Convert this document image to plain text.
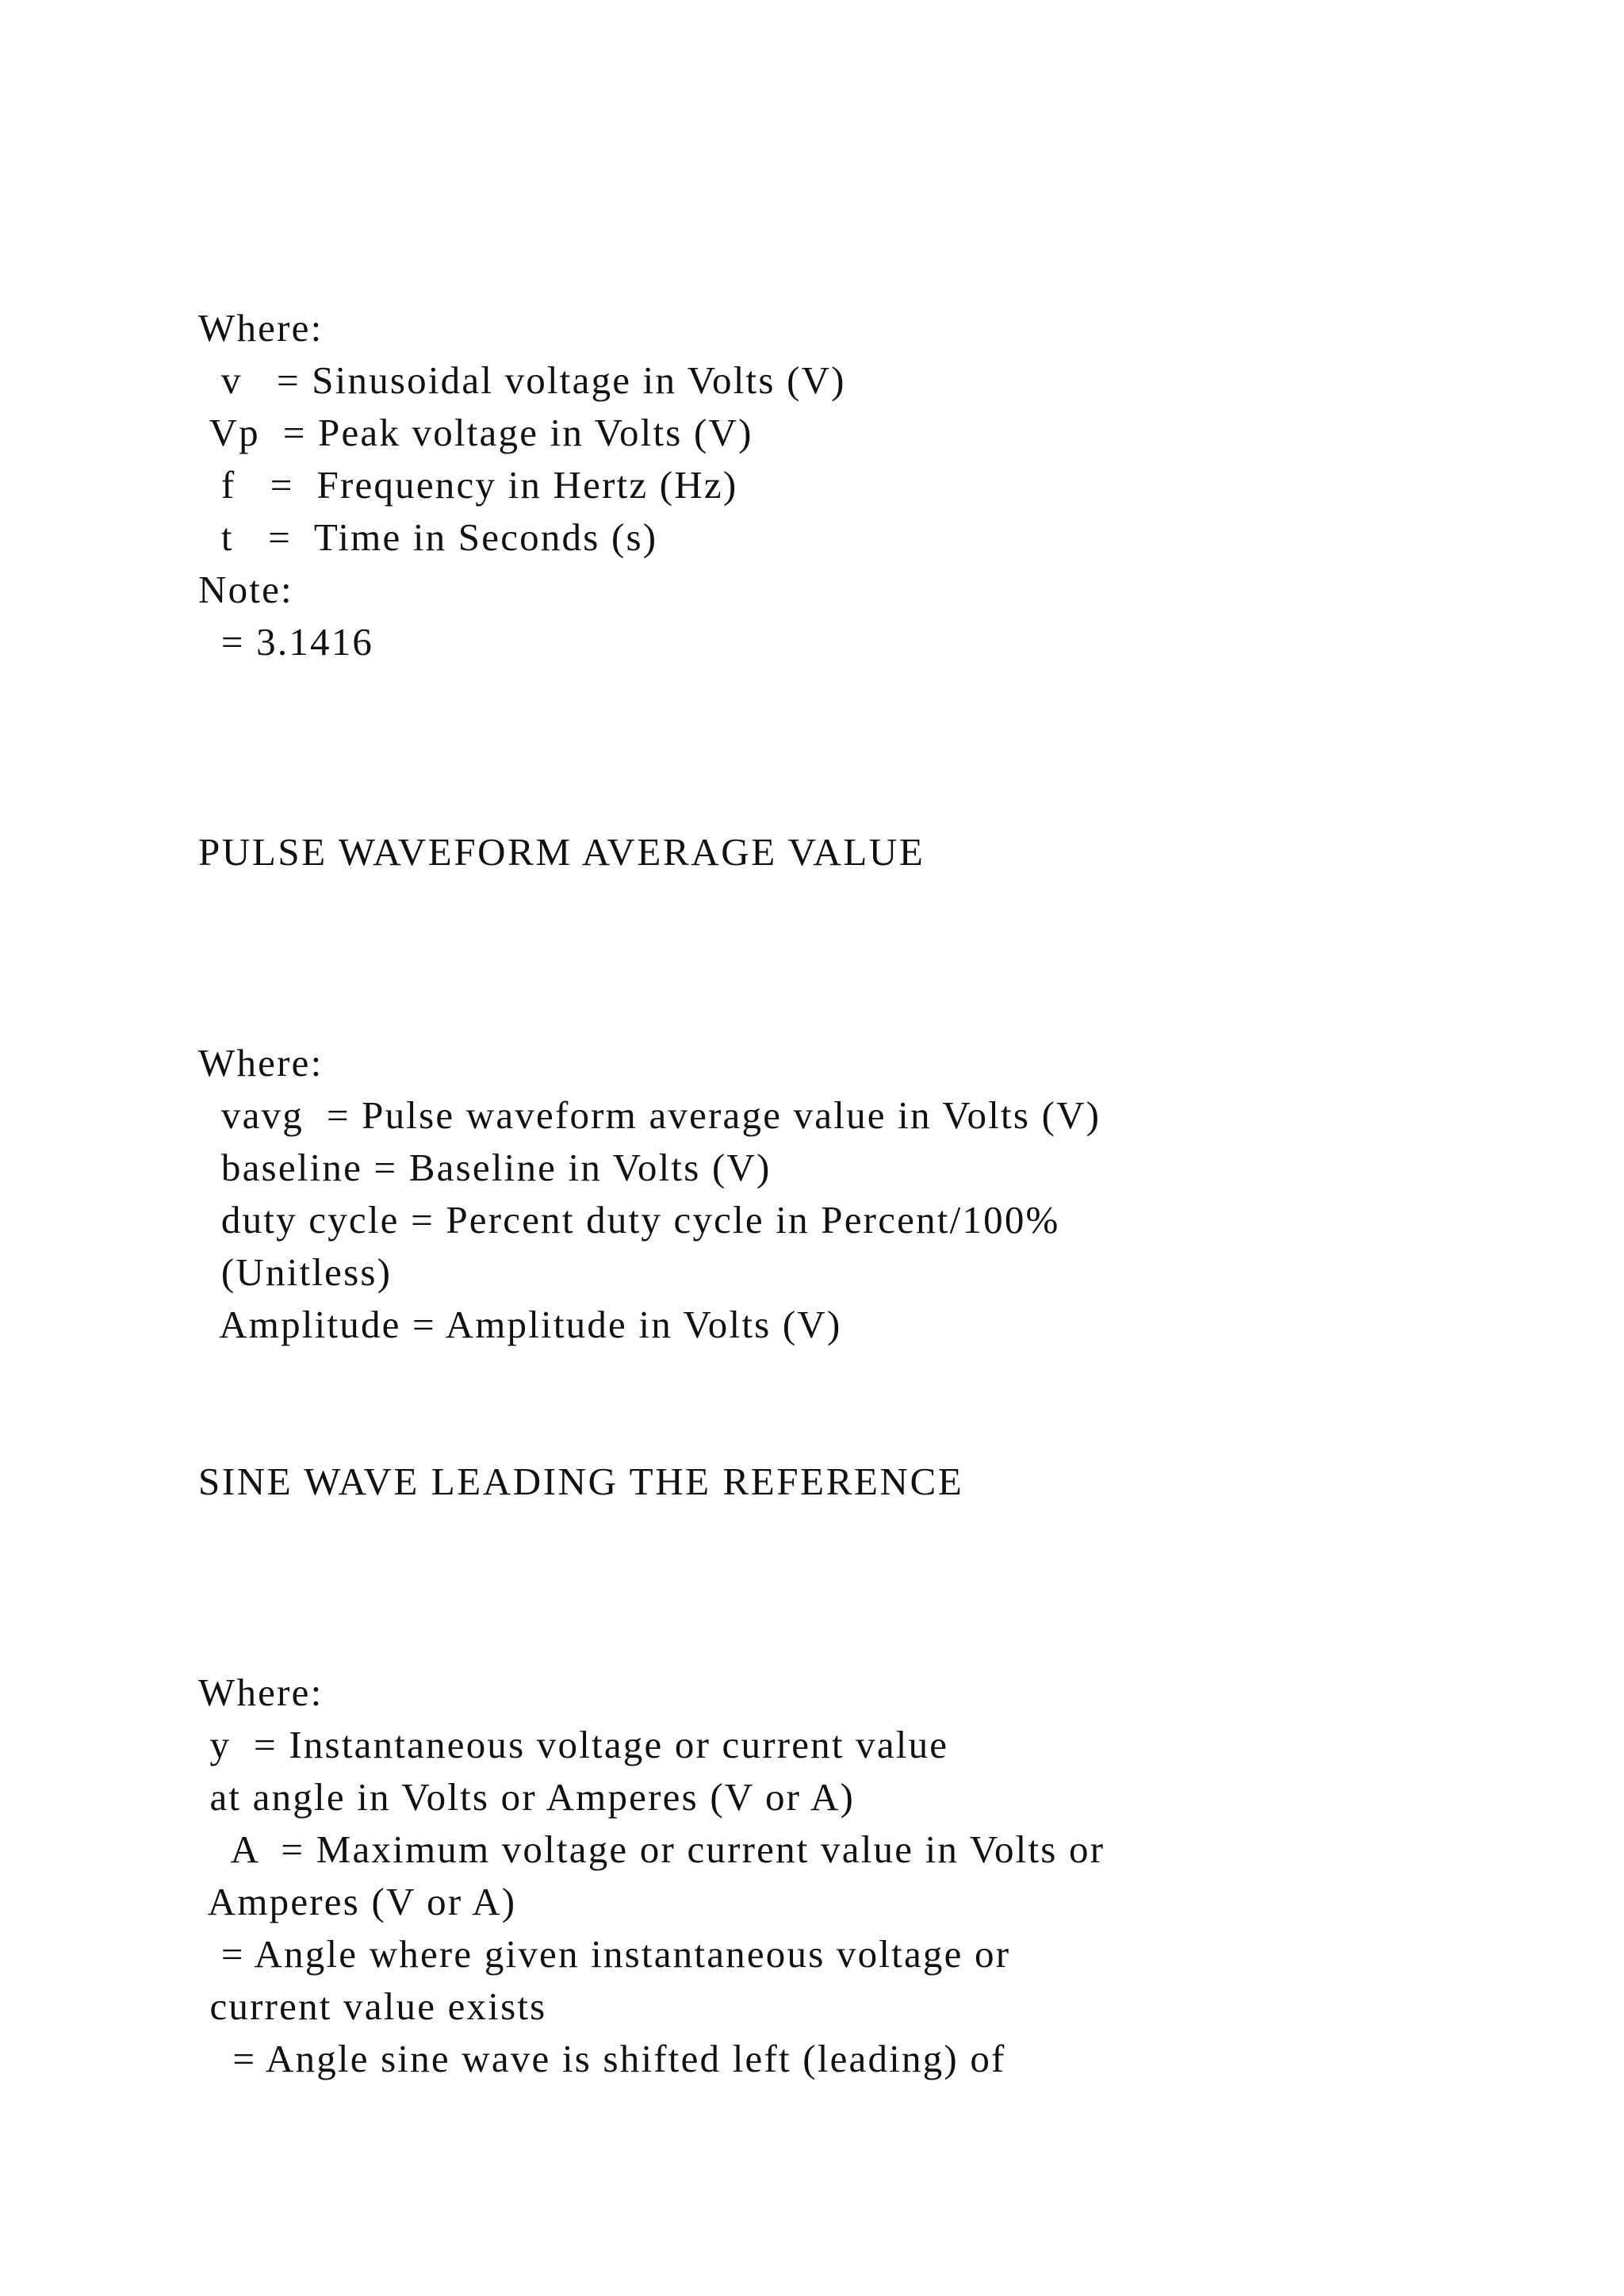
Where:

v   = Sinusoidal voltage in Volts (V)

Vp  = Peak voltage in Volts (V)

f   =  Frequency in Hertz (Hz)

t   =  Time in Seconds (s)

Note:

= 3.1416

PULSE WAVEFORM AVERAGE VALUE

Where:

vavg  = Pulse waveform average value in Volts (V)

baseline = Baseline in Volts (V)

duty cycle = Percent duty cycle in Percent/100%

(Unitless)

Amplitude = Amplitude in Volts (V)

SINE WAVE LEADING THE REFERENCE

Where:

y  = Instantaneous voltage or current value

at angle in Volts or Amperes (V or A)

A  = Maximum voltage or current value in Volts or

Amperes (V or A)

= Angle where given instantaneous voltage or

current value exists

= Angle sine wave is shifted left (leading) of
